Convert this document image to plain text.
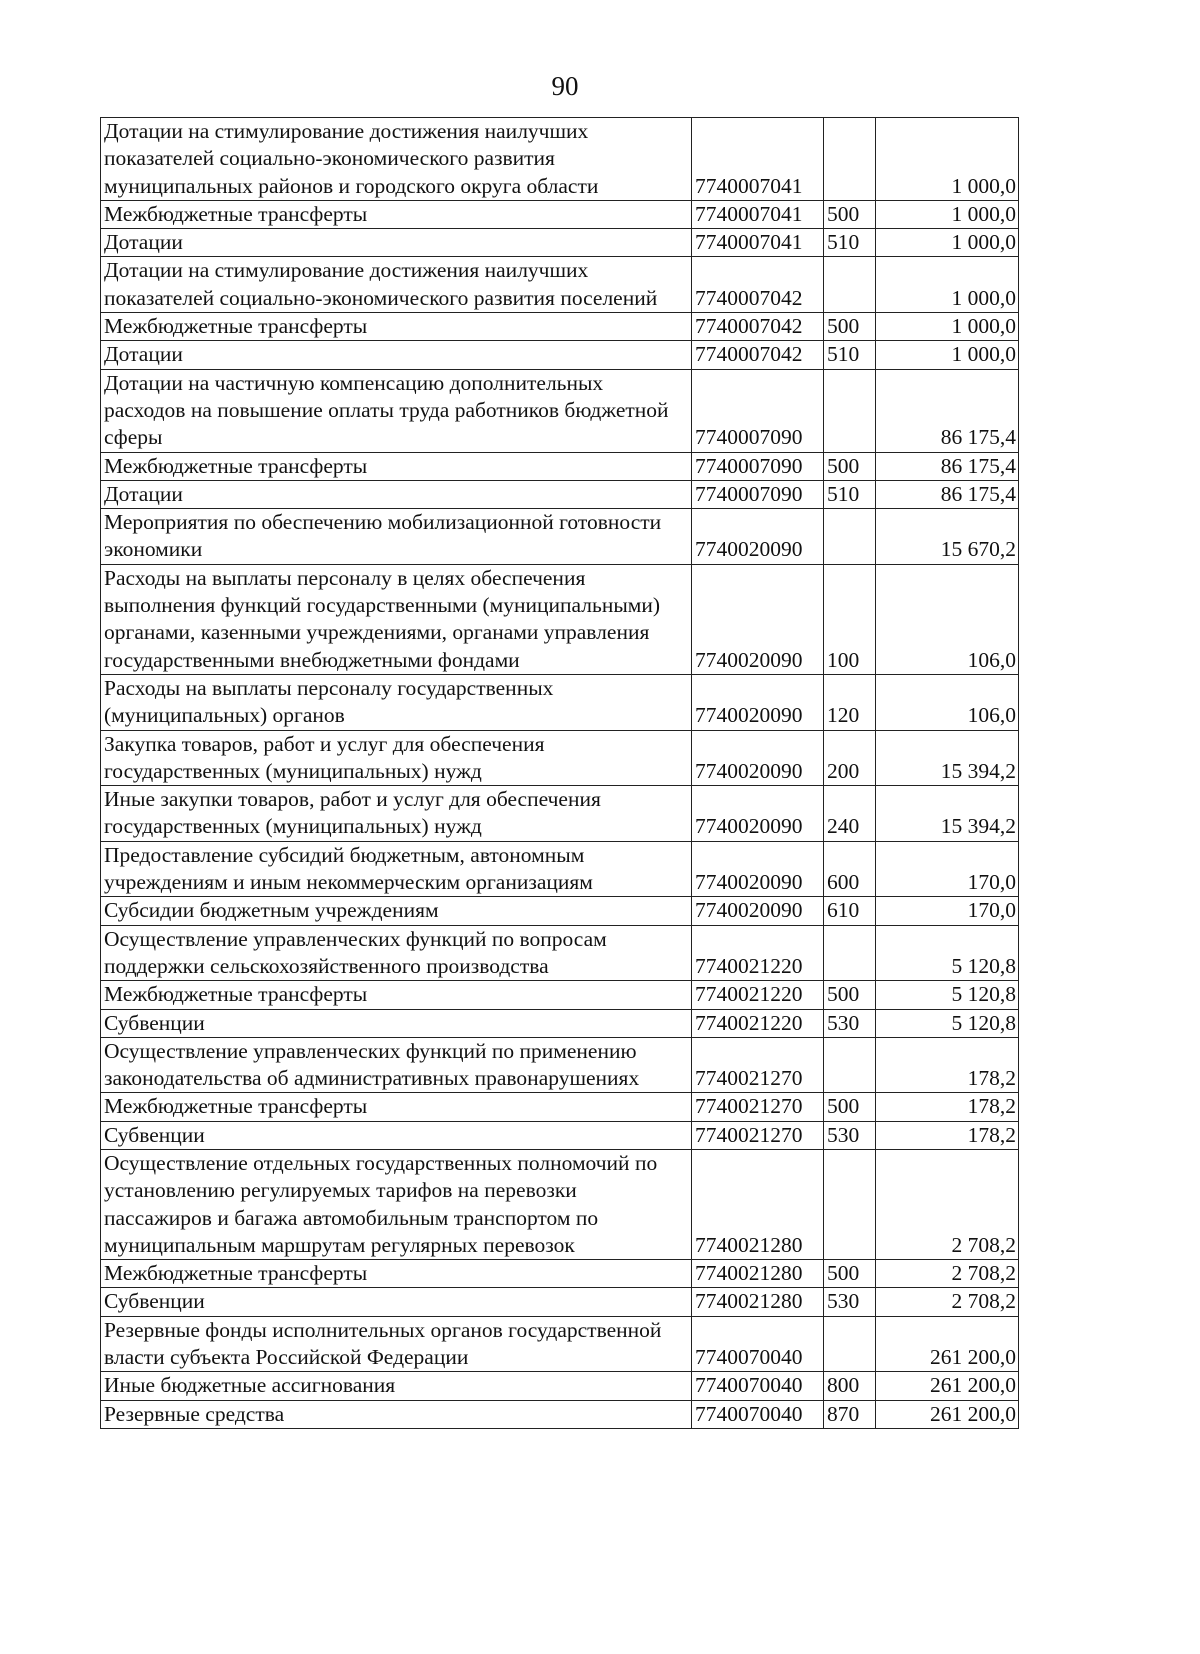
90
Дотации на стимулирование достижения наилучших показателей социально-экономического развития муниципальных районов и городского округа области	7740007041		1 000,0
Межбюджетные трансферты	7740007041	500	1 000,0
Дотации	7740007041	510	1 000,0
Дотации на стимулирование достижения наилучших показателей социально-экономического развития поселений	7740007042		1 000,0
Межбюджетные трансферты	7740007042	500	1 000,0
Дотации	7740007042	510	1 000,0
Дотации на частичную компенсацию дополнительных расходов на повышение оплаты труда работников бюджетной сферы	7740007090		86 175,4
Межбюджетные трансферты	7740007090	500	86 175,4
Дотации	7740007090	510	86 175,4
Мероприятия по обеспечению мобилизационной готовности экономики	7740020090		15 670,2
Расходы на выплаты персоналу в целях обеспечения выполнения функций государственными (муниципальными) органами, казенными учреждениями, органами управления государственными внебюджетными фондами	7740020090	100	106,0
Расходы на выплаты персоналу государственных (муниципальных) органов	7740020090	120	106,0
Закупка товаров, работ и услуг для обеспечения государственных (муниципальных) нужд	7740020090	200	15 394,2
Иные закупки товаров, работ и услуг для обеспечения государственных (муниципальных) нужд	7740020090	240	15 394,2
Предоставление субсидий бюджетным, автономным учреждениям и иным некоммерческим организациям	7740020090	600	170,0
Субсидии бюджетным учреждениям	7740020090	610	170,0
Осуществление управленческих функций по вопросам поддержки сельскохозяйственного производства	7740021220		5 120,8
Межбюджетные трансферты	7740021220	500	5 120,8
Субвенции	7740021220	530	5 120,8
Осуществление управленческих функций по применению законодательства об административных правонарушениях	7740021270		178,2
Межбюджетные трансферты	7740021270	500	178,2
Субвенции	7740021270	530	178,2
Осуществление отдельных государственных полномочий по установлению регулируемых тарифов на перевозки пассажиров и багажа автомобильным транспортом по муниципальным маршрутам регулярных перевозок	7740021280		2 708,2
Межбюджетные трансферты	7740021280	500	2 708,2
Субвенции	7740021280	530	2 708,2
Резервные фонды исполнительных органов государственной власти субъекта Российской Федерации	7740070040		261 200,0
Иные бюджетные ассигнования	7740070040	800	261 200,0
Резервные средства	7740070040	870	261 200,0
